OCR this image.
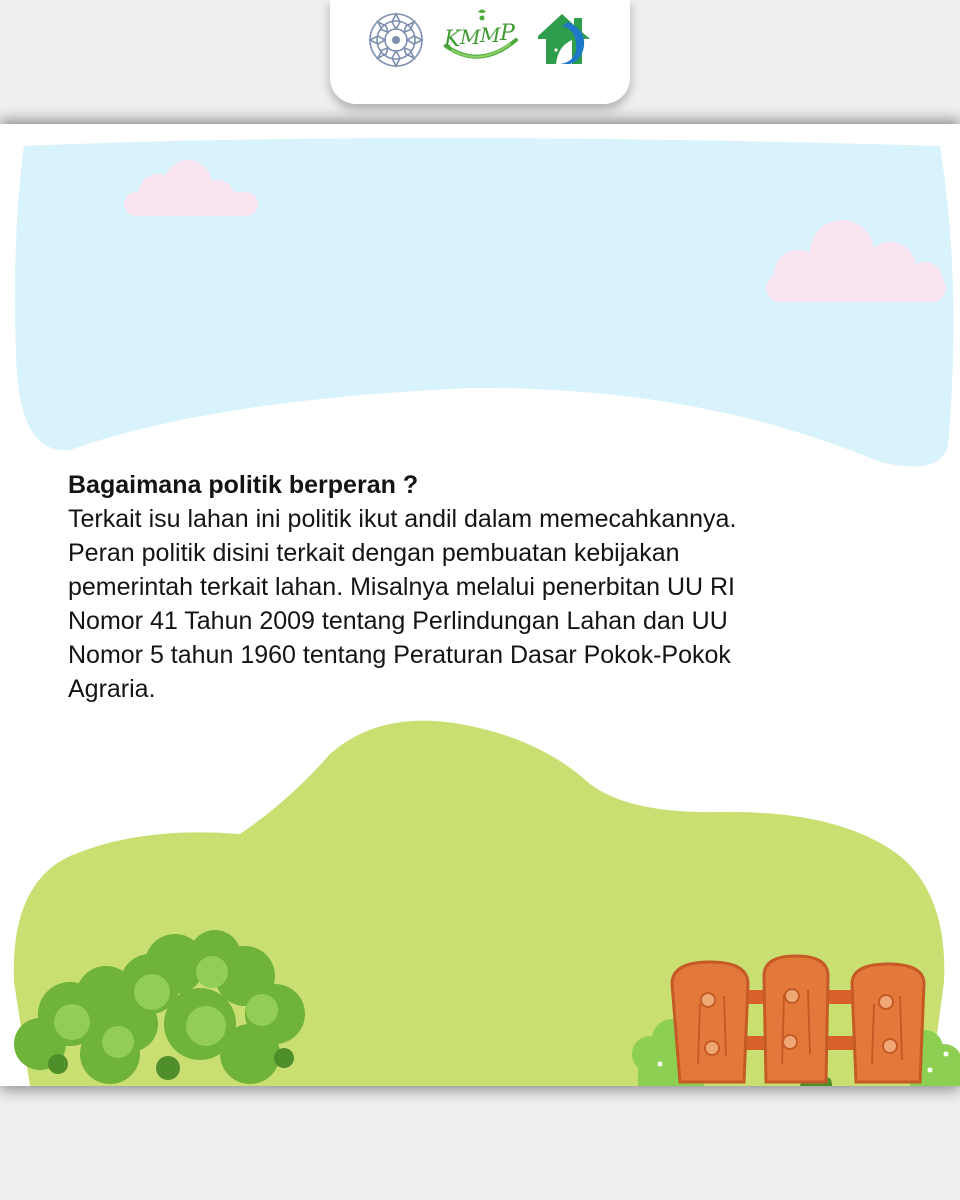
K M M P
Bagaimana politik berperan ?
Terkait isu lahan ini politik ikut andil dalam memecahkannya.
Peran politik disini terkait dengan pembuatan kebijakan
pemerintah terkait lahan. Misalnya melalui penerbitan UU RI
Nomor 41 Tahun 2009 tentang Perlindungan Lahan dan UU
Nomor 5 tahun 1960 tentang Peraturan Dasar Pokok-Pokok
Agraria.
